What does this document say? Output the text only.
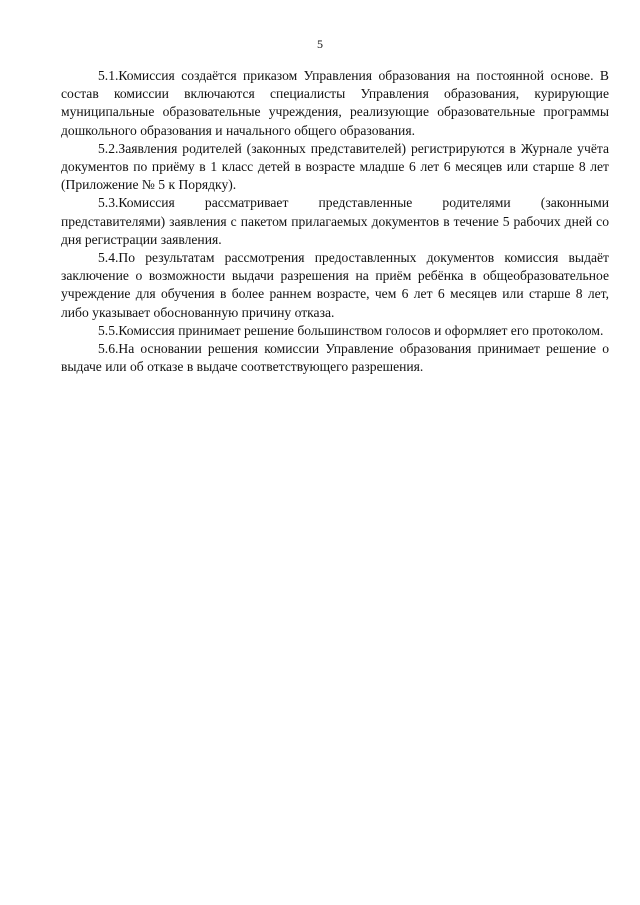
5

5.1.Комиссия создаётся приказом Управления образования на постоянной основе. В состав комиссии включаются специалисты Управления образования, курирующие муниципальные образовательные учреждения, реализующие образовательные программы дошкольного образования и начального общего образования.

5.2.Заявления родителей (законных представителей) регистрируются в Журнале учёта документов по приёму в 1 класс детей в возрасте младше 6 лет 6 месяцев или старше 8 лет (Приложение № 5 к Порядку).

5.3.Комиссия рассматривает представленные родителями (законными представителями) заявления с пакетом прилагаемых документов в течение 5 рабочих дней со дня регистрации заявления.

5.4.По результатам рассмотрения предоставленных документов комиссия выдаёт заключение о возможности выдачи разрешения на приём ребёнка в общеобразовательное учреждение для обучения в более раннем возрасте, чем 6 лет 6 месяцев или старше 8 лет, либо указывает обоснованную причину отказа.

5.5.Комиссия принимает решение большинством голосов и оформляет его протоколом.

5.6.На основании решения комиссии Управление образования принимает решение о выдаче или об отказе в выдаче соответствующего разрешения.
